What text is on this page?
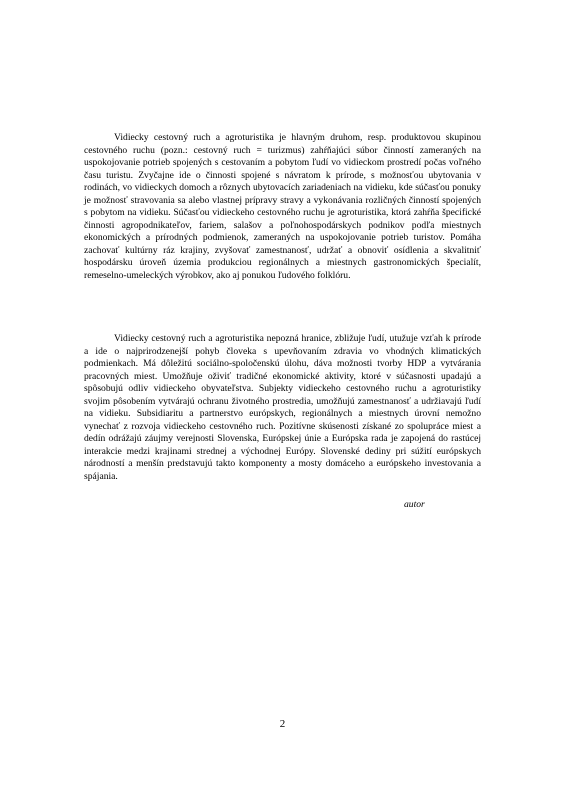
Vidiecky cestovný ruch a agroturistika je hlavným druhom, resp. produktovou skupinou cestovného ruchu (pozn.: cestovný ruch = turizmus) zahŕňajúci súbor činností zameraných na uspokojovanie potrieb spojených s cestovaním a pobytom ľudí vo vidieckom prostredí počas voľného času turistu. Zvyčajne ide o činnosti spojené s návratom k prírode, s možnosťou ubytovania v rodinách, vo vidieckych domoch a rôznych ubytovacích zariadeniach na vidieku, kde súčasťou ponuky je možnosť stravovania sa alebo vlastnej prípravy stravy a vykonávania rozličných činností spojených s pobytom na vidieku. Súčasťou vidieckeho cestovného ruchu je agroturistika, ktorá zahŕňa špecifické činnosti agropodnikateľov, fariem, salašov a poľnohospodárskych podnikov podľa miestnych ekonomických a prírodných podmienok, zameraných na uspokojovanie potrieb turistov. Pomáha zachovať kultúrny ráz krajiny, zvyšovať zamestnanosť, udržať a obnoviť osídlenia a skvalitniť hospodársku úroveň územia produkciou regionálnych a miestnych gastronomických špecialít, remeselno-umeleckých výrobkov, ako aj ponukou ľudového folklóru.

Vidiecky cestovný ruch a agroturistika nepozná hranice, zbližuje ľudí, utužuje vzťah k prírode a ide o najprirodzenejší pohyb človeka s upevňovaním zdravia vo vhodných klimatických podmienkach. Má dôležitú sociálno-spoločenskú úlohu, dáva možnosti tvorby HDP a vytvárania pracovných miest. Umožňuje oživiť tradičné ekonomické aktivity, ktoré v súčasnosti upadajú a spôsobujú odliv vidieckeho obyvateľstva. Subjekty vidieckeho cestovného ruchu a agroturistiky svojim pôsobením vytvárajú ochranu životného prostredia, umožňujú zamestnanosť a udržiavajú ľudí na vidieku. Subsidiaritu a partnerstvo európskych, regionálnych a miestnych úrovní nemožno vynechať z rozvoja vidieckeho cestovného ruch. Pozitívne skúsenosti získané zo spolupráce miest a dedín odrážajú záujmy verejnosti Slovenska, Európskej únie a Európska rada je zapojená do rastúcej interakcie medzi krajinami strednej a východnej Európy. Slovenské dediny pri súžití európskych národností a menšín predstavujú takto komponenty a mosty domáceho a európskeho investovania a spájania.

autor

2
